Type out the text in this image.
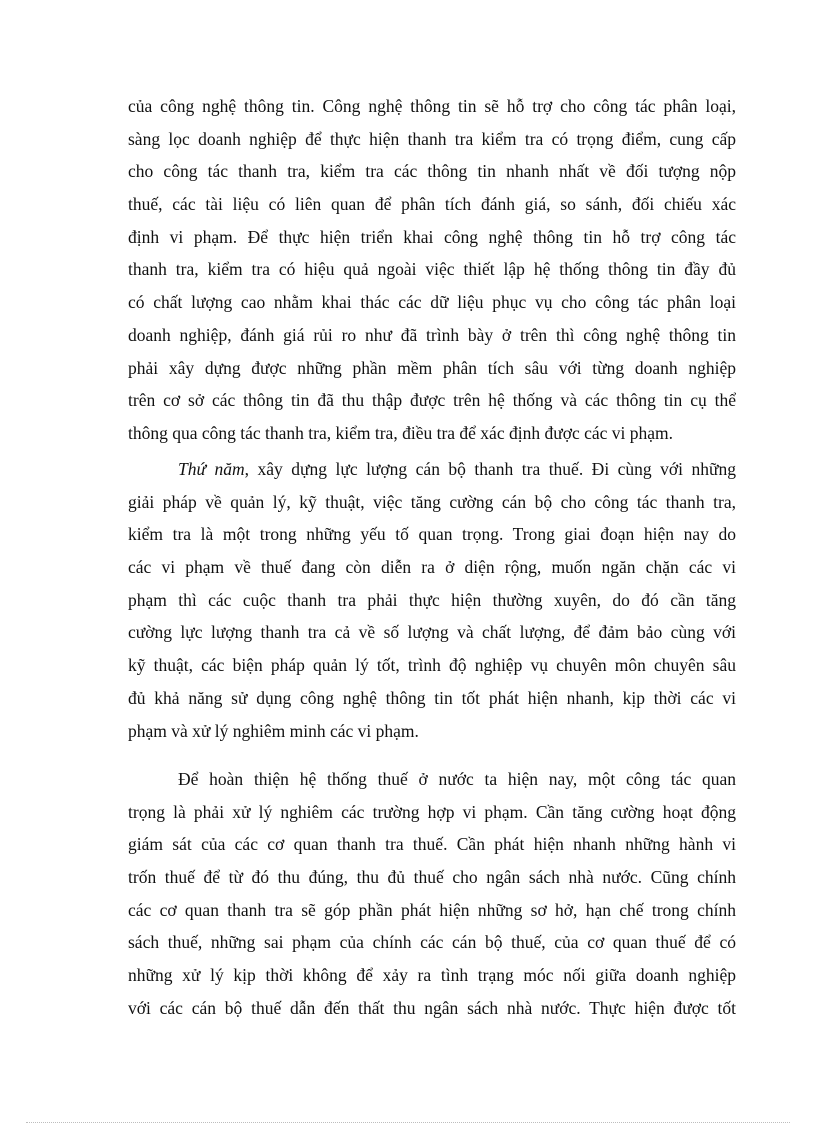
của công nghệ thông tin. Công nghệ thông tin sẽ hỗ trợ cho công tác phân loại,
sàng lọc doanh nghiệp để thực hiện thanh tra kiểm tra có trọng điểm, cung cấp
cho công tác thanh tra, kiểm tra các thông tin nhanh nhất về đối tượng nộp
thuế, các tài liệu có liên quan để phân tích đánh giá, so sánh, đối chiếu xác
định vi phạm. Để thực hiện triển khai công nghệ thông tin hỗ trợ công tác
thanh tra, kiểm tra có hiệu quả ngoài việc thiết lập hệ thống thông tin đầy đủ
có chất lượng cao nhằm khai thác các dữ liệu phục vụ cho công tác phân loại
doanh nghiệp, đánh giá rủi ro như đã trình bày ở trên thì công nghệ thông tin
phải xây dựng được những phần mềm phân tích sâu với từng doanh nghiệp
trên cơ sở các thông tin đã thu thập được trên hệ thống và các thông tin cụ thể
thông qua công tác thanh tra, kiểm tra, điều tra để xác định được các vi phạm.
Thứ năm, xây dựng lực lượng cán bộ thanh tra thuế. Đi cùng với những
giải pháp về quản lý, kỹ thuật, việc tăng cường cán bộ cho công tác thanh tra,
kiểm tra là một trong những yếu tố quan trọng. Trong giai đoạn hiện nay do
các vi phạm về thuế đang còn diễn ra ở diện rộng, muốn ngăn chặn các vi
phạm thì các cuộc thanh tra phải thực hiện thường xuyên, do đó cần tăng
cường lực lượng thanh tra cả về số lượng và chất lượng, để đảm bảo cùng với
kỹ thuật, các biện pháp quản lý tốt, trình độ nghiệp vụ chuyên môn chuyên sâu
đủ khả năng sử dụng công nghệ thông tin tốt phát hiện nhanh, kịp thời các vi
phạm và xử lý nghiêm minh các vi phạm.
Để hoàn thiện hệ thống thuế ở nước ta hiện nay, một công tác quan
trọng là phải xử lý nghiêm các trường hợp vi phạm. Cần tăng cường hoạt động
giám sát của các cơ quan thanh tra thuế. Cần phát hiện nhanh những hành vi
trốn thuế để từ đó thu đúng, thu đủ thuế cho ngân sách nhà nước. Cũng chính
các cơ quan thanh tra sẽ góp phần phát hiện những sơ hở, hạn chế trong chính
sách thuế, những sai phạm của chính các cán bộ thuế, của cơ quan thuế để có
những xử lý kịp thời không để xảy ra tình trạng móc nối giữa doanh nghiệp
với các cán bộ thuế dẫn đến thất thu ngân sách nhà nước. Thực hiện được tốt
